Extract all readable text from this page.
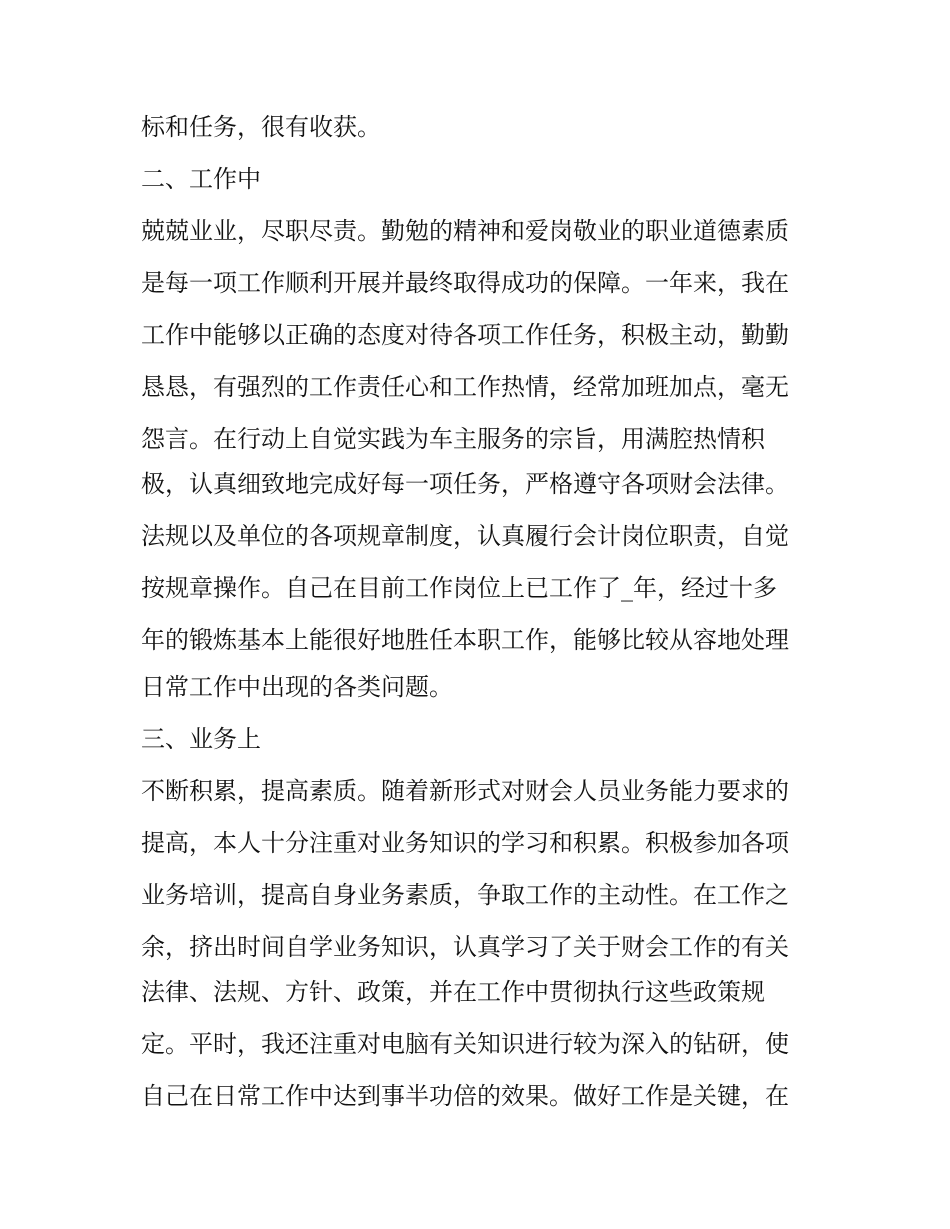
标和任务，很有收获。
二、工作中
兢兢业业，尽职尽责。勤勉的精神和爱岗敬业的职业道德素质
是每一项工作顺利开展并最终取得成功的保障。一年来，我在
工作中能够以正确的态度对待各项工作任务，积极主动，勤勤
恳恳，有强烈的工作责任心和工作热情，经常加班加点，毫无
怨言。在行动上自觉实践为车主服务的宗旨，用满腔热情积
极，认真细致地完成好每一项任务，严格遵守各项财会法律。
法规以及单位的各项规章制度，认真履行会计岗位职责，自觉
按规章操作。自己在目前工作岗位上已工作了_年，经过十多
年的锻炼基本上能很好地胜任本职工作，能够比较从容地处理
日常工作中出现的各类问题。
三、业务上
不断积累，提高素质。随着新形式对财会人员业务能力要求的
提高，本人十分注重对业务知识的学习和积累。积极参加各项
业务培训，提高自身业务素质，争取工作的主动性。在工作之
余，挤出时间自学业务知识，认真学习了关于财会工作的有关
法律、法规、方针、政策，并在工作中贯彻执行这些政策规
定。平时，我还注重对电脑有关知识进行较为深入的钻研，使
自己在日常工作中达到事半功倍的效果。做好工作是关键，在
